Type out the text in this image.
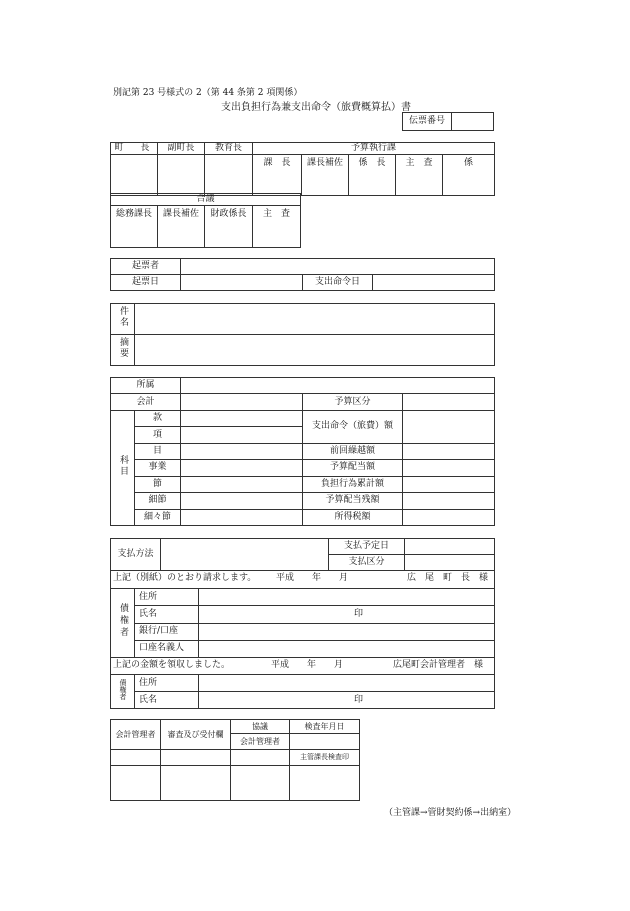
別記第 23 号様式の 2（第 44 条第 2 項関係）
支出負担行為兼支出命令（旅費概算払）書
伝票番号	
町　長	副町長	教育長	予算執行課				
			課　長	課長補佐	係　長	主　査	係
合議
総務課長	課長補佐	財政係長	主　査
起票者			
起票日		支出命令日	
件名	
摘要	
所属				
会計			予算区分	
科目	款		支出命令（旅費）額	
	項			
	目		前回繰越額	
	事業		予算配当額	
	節		負担行為累計額	
	細節		予算配当残額	
	細々節		所得税額	
支払方法		支払予定日	
		支払区分	
上記（別紙）のとおり請求します。 平成　　年　　月	広　尾　町　長　様
債権者	住所	
	氏名	印
	銀行/口座	
	口座名義人	
上記の金額を領収しました。	平成　　年　　月	広尾町会計管理者　様
債権者	住所	
	氏名	印
会計管理者	審査及び受付欄	協議	検査年月日
		会計管理者	
			主管課長検査印

（主管課→管財契約係→出納室）
